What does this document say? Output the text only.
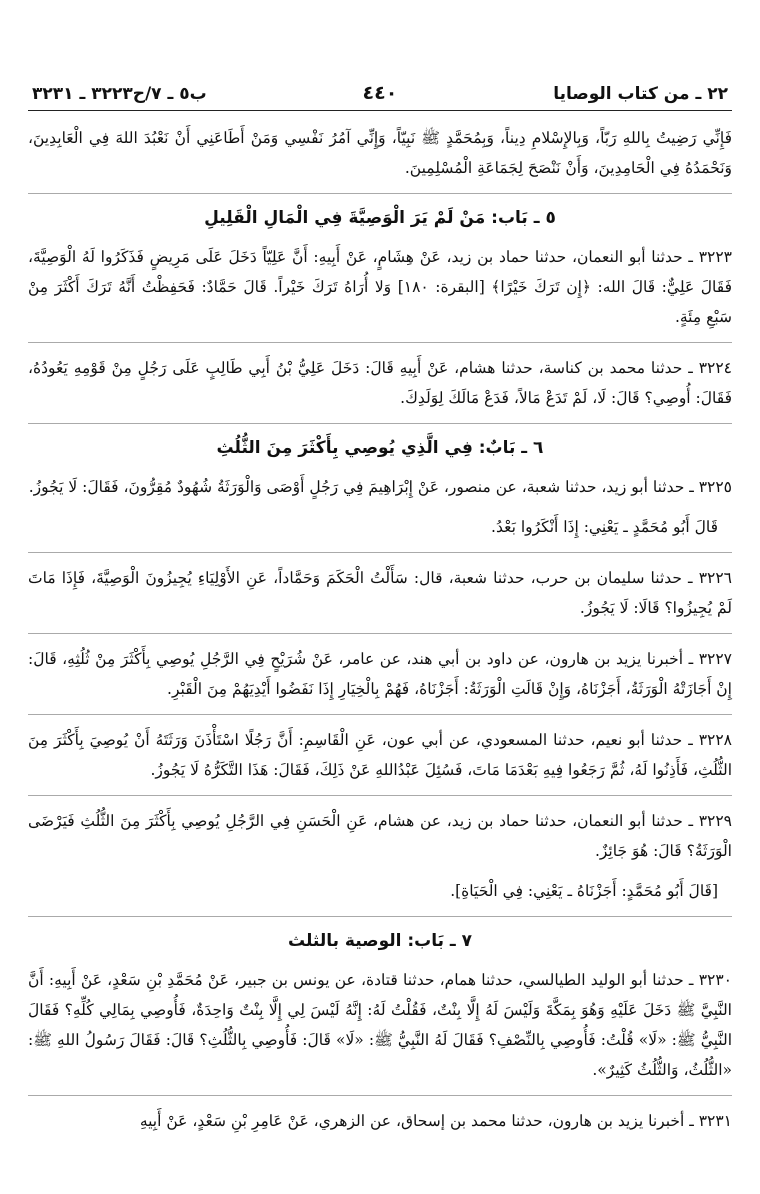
٢٢ ـ من كتاب الوصايا
٤٤٠
ب٥ ـ ٧/ح٣٢٢٣ ـ ٣٢٣١

فَإِنِّي رَضِيتُ بِاللهِ رَبّاً، وَبِالإِسْلامِ دِيناً، وَبِمُحَمَّدٍ ﷺ نَبِيّاً، وَإِنِّي آمُرُ نَفْسِي وَمَنْ أَطَاعَنِي أَنْ نَعْبُدَ اللهَ فِي الْعَابِدِينَ، وَنَحْمَدُهُ فِي الْحَامِدِينَ، وَأَنْ نَنْصَحَ لِجَمَاعَةِ الْمُسْلِمِينَ.

٥ ـ بَاب: مَنْ لَمْ يَرَ الْوَصِيَّةَ فِي الْمَالِ الْقَلِيلِ

٣٢٢٣ ـ حدثنا أبو النعمان، حدثنا حماد بن زيد، عَنْ هِشَامٍ، عَنْ أَبِيهِ: أَنَّ عَلِيّاً دَخَلَ عَلَى مَرِيضٍ فَذَكَرُوا لَهُ الْوَصِيَّةَ، فَقَالَ عَلِيٌّ: قَالَ الله: ﴿إِن تَرَكَ خَيْرًا﴾ [البقرة: ١٨٠] وَلا أُرَاهُ تَرَكَ خَيْراً. قَالَ حَمَّادٌ: فَحَفِظْتُ أَنَّهُ تَرَكَ أَكْثَرَ مِنْ سَبْعِ مِئَةٍ.

٣٢٢٤ ـ حدثنا محمد بن كناسة، حدثنا هشام، عَنْ أَبِيهِ قَالَ: دَخَلَ عَلِيُّ بْنُ أَبِي طَالِبٍ عَلَى رَجُلٍ مِنْ قَوْمِهِ يَعُودُهُ، فَقَالَ: أُوصِي؟ قَالَ: لَا، لَمْ تَدَعْ مَالاً، فَدَعْ مَالَكَ لِوَلَدِكَ.

٦ ـ بَابٌ: فِي الَّذِي يُوصِي بِأَكْثَرَ مِنَ الثُّلُثِ

٣٢٢٥ ـ حدثنا أبو زيد، حدثنا شعبة، عن منصور، عَنْ إِبْرَاهِيمَ فِي رَجُلٍ أَوْصَى وَالْوَرَثَةُ شُهُودٌ مُقِرُّونَ، فَقَالَ: لَا يَجُوزُ.

قَالَ أَبُو مُحَمَّدٍ ـ يَعْنِي: إِذَا أَنْكَرُوا بَعْدُ.

٣٢٢٦ ـ حدثنا سليمان بن حرب، حدثنا شعبة، قال: سَأَلْتُ الْحَكَمَ وَحَمَّاداً، عَنِ الأَوْلِيَاءِ يُجِيزُونَ الْوَصِيَّةَ، فَإِذَا مَاتَ لَمْ يُجِيزُوا؟ قَالَا: لَا يَجُوزُ.

٣٢٢٧ ـ أخبرنا يزيد بن هارون، عن داود بن أبي هند، عن عامر، عَنْ شُرَيْحٍ فِي الرَّجُلِ يُوصِي بِأَكْثَرَ مِنْ ثُلُثِهِ، قَالَ: إِنْ أَجَازَتْهُ الْوَرَثَةُ، أَجَزْنَاهُ، وَإِنْ قَالَتِ الْوَرَثَةُ: أَجَزْنَاهُ، فَهُمْ بِالْخِيَارِ إِذَا نَفَضُوا أَيْدِيَهُمْ مِنَ الْقَبْرِ.

٣٢٢٨ ـ حدثنا أبو نعيم، حدثنا المسعودي، عن أبي عون، عَنِ الْقَاسِمِ: أَنَّ رَجُلًا اسْتَأْذَنَ وَرَثَتَهُ أَنْ يُوصِيَ بِأَكْثَرَ مِنَ الثُّلُثِ، فَأَذِنُوا لَهُ، ثُمَّ رَجَعُوا فِيهِ بَعْدَمَا مَاتَ، فَسُئِلَ عَبْدُاللهِ عَنْ ذَلِكَ، فَقَالَ: هَذَا التَّكَرُّهُ لَا يَجُوزُ.

٣٢٢٩ ـ حدثنا أبو النعمان، حدثنا حماد بن زيد، عن هشام، عَنِ الْحَسَنِ فِي الرَّجُلِ يُوصِي بِأَكْثَرَ مِنَ الثُّلُثِ فَيَرْضَى الْوَرَثَةُ؟ قَالَ: هُوَ جَائِزٌ.

[قَالَ أَبُو مُحَمَّدٍ: أَجَزْنَاهُ ـ يَعْنِي: فِي الْحَيَاةِ].

٧ ـ بَاب: الوصية بالثلث

٣٢٣٠ ـ حدثنا أبو الوليد الطيالسي، حدثنا همام، حدثنا قتادة، عن يونس بن جبير، عَنْ مُحَمَّدِ بْنِ سَعْدٍ، عَنْ أَبِيهِ: أَنَّ النَّبِيَّ ﷺ دَخَلَ عَلَيْهِ وَهُوَ بِمَكَّةَ وَلَيْسَ لَهُ إِلَّا بِنْتٌ، فَقُلْتُ لَهُ: إِنَّهُ لَيْسَ لِي إِلَّا بِنْتٌ وَاحِدَةٌ، فَأُوصِي بِمَالِي كُلِّهِ؟ فَقَالَ النَّبِيُّ ﷺ: «لَا» قُلْتُ: فَأُوصِي بِالنِّصْفِ؟ فَقَالَ لَهُ النَّبِيُّ ﷺ: «لَا» قَالَ: فَأُوصِي بِالثُّلُثِ؟ قَالَ: فَقَالَ رَسُولُ اللهِ ﷺ: «الثُّلُثُ، وَالثُّلُثُ كَثِيرٌ».

٣٢٣١ ـ أخبرنا يزيد بن هارون، حدثنا محمد بن إسحاق، عن الزهري، عَنْ عَامِرِ بْنِ سَعْدٍ، عَنْ أَبِيهِ
